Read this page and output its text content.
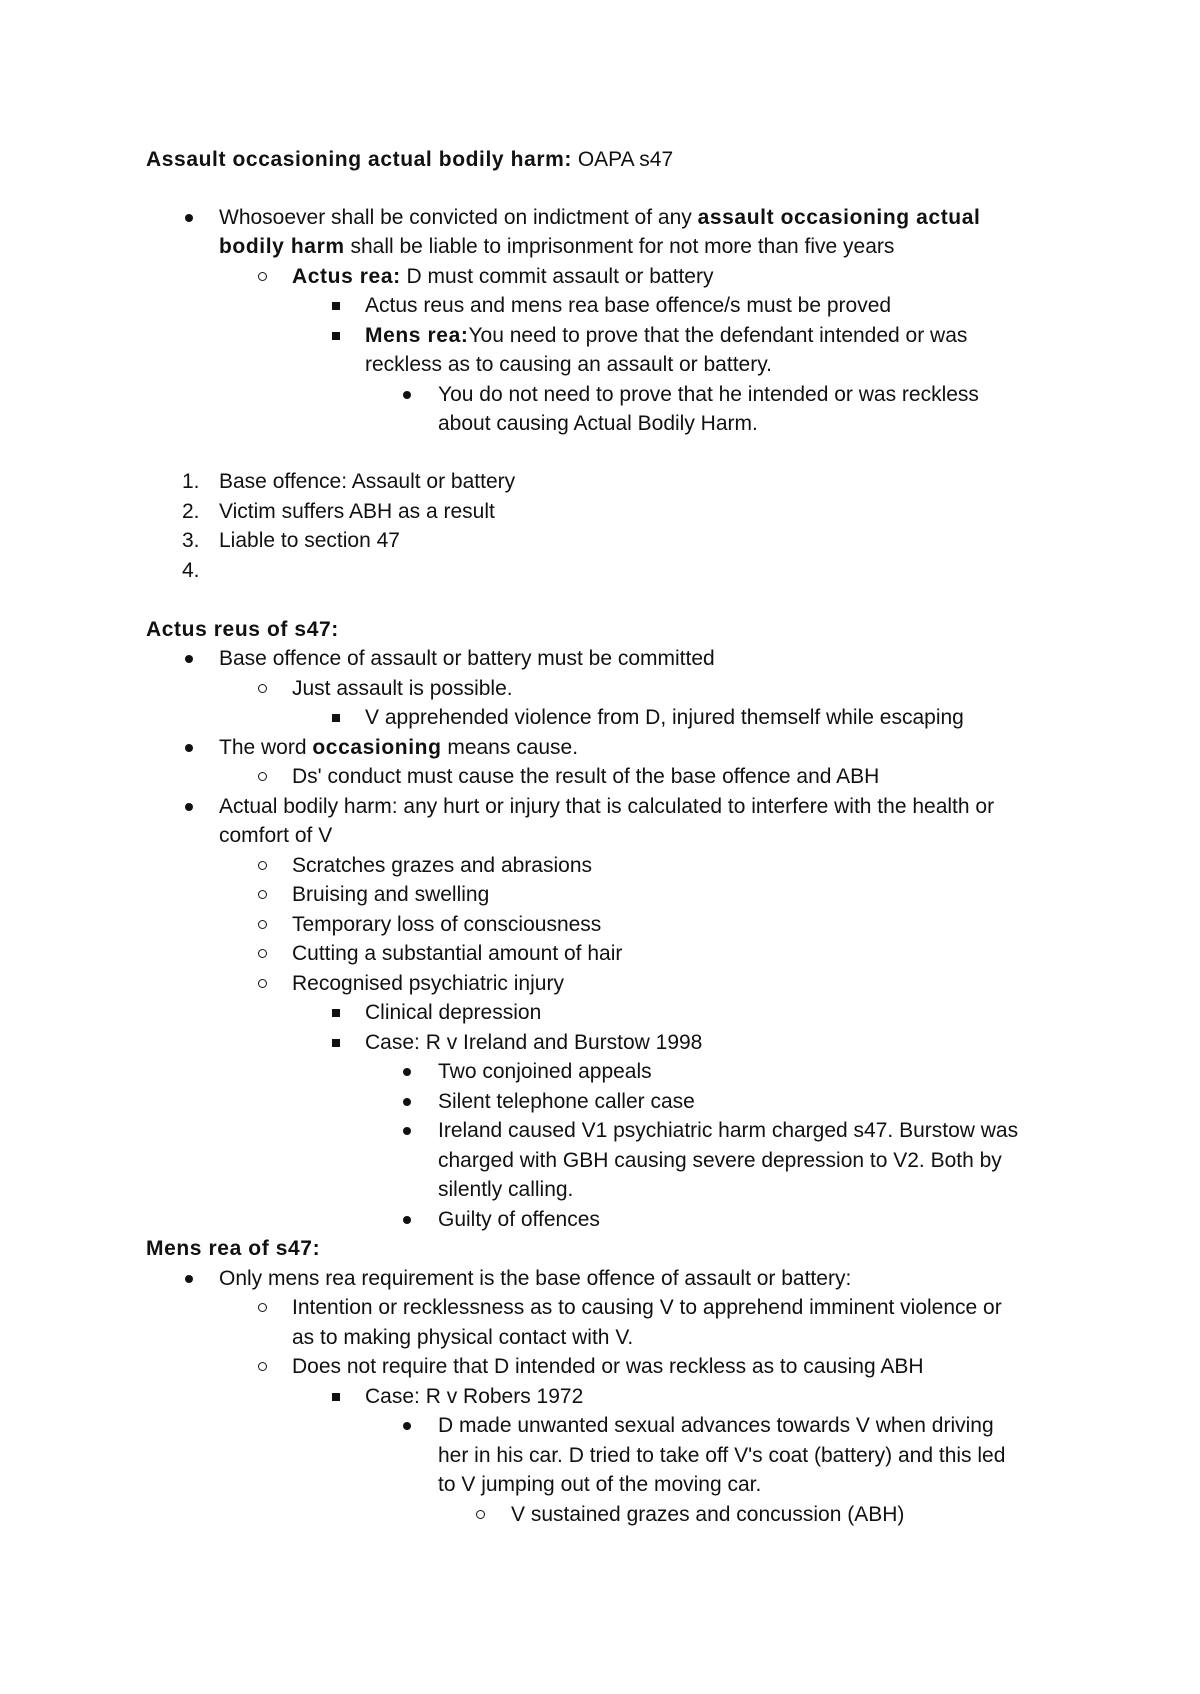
Assault occasioning actual bodily harm: OAPA s47
Whosoever shall be convicted on indictment of any assault occasioning actual
bodily harm shall be liable to imprisonment for not more than five years
Actus rea: D must commit assault or battery
Actus reus and mens rea base offence/s must be proved
Mens rea:You need to prove that the defendant intended or was
reckless as to causing an assault or battery.
You do not need to prove that he intended or was reckless
about causing Actual Bodily Harm.
1. Base offence: Assault or battery
2. Victim suffers ABH as a result
3. Liable to section 47
4.
Actus reus of s47:
Base offence of assault or battery must be committed
Just assault is possible.
V apprehended violence from D, injured themself while escaping
The word occasioning means cause.
Ds' conduct must cause the result of the base offence and ABH
Actual bodily harm: any hurt or injury that is calculated to interfere with the health or
comfort of V
Scratches grazes and abrasions
Bruising and swelling
Temporary loss of consciousness
Cutting a substantial amount of hair
Recognised psychiatric injury
Clinical depression
Case: R v Ireland and Burstow 1998
Two conjoined appeals
Silent telephone caller case
Ireland caused V1 psychiatric harm charged s47. Burstow was
charged with GBH causing severe depression to V2. Both by
silently calling.
Guilty of offences
Mens rea of s47:
Only mens rea requirement is the base offence of assault or battery:
Intention or recklessness as to causing V to apprehend imminent violence or
as to making physical contact with V.
Does not require that D intended or was reckless as to causing ABH
Case: R v Robers 1972
D made unwanted sexual advances towards V when driving
her in his car. D tried to take off V's coat (battery) and this led
to V jumping out of the moving car.
V sustained grazes and concussion (ABH)
